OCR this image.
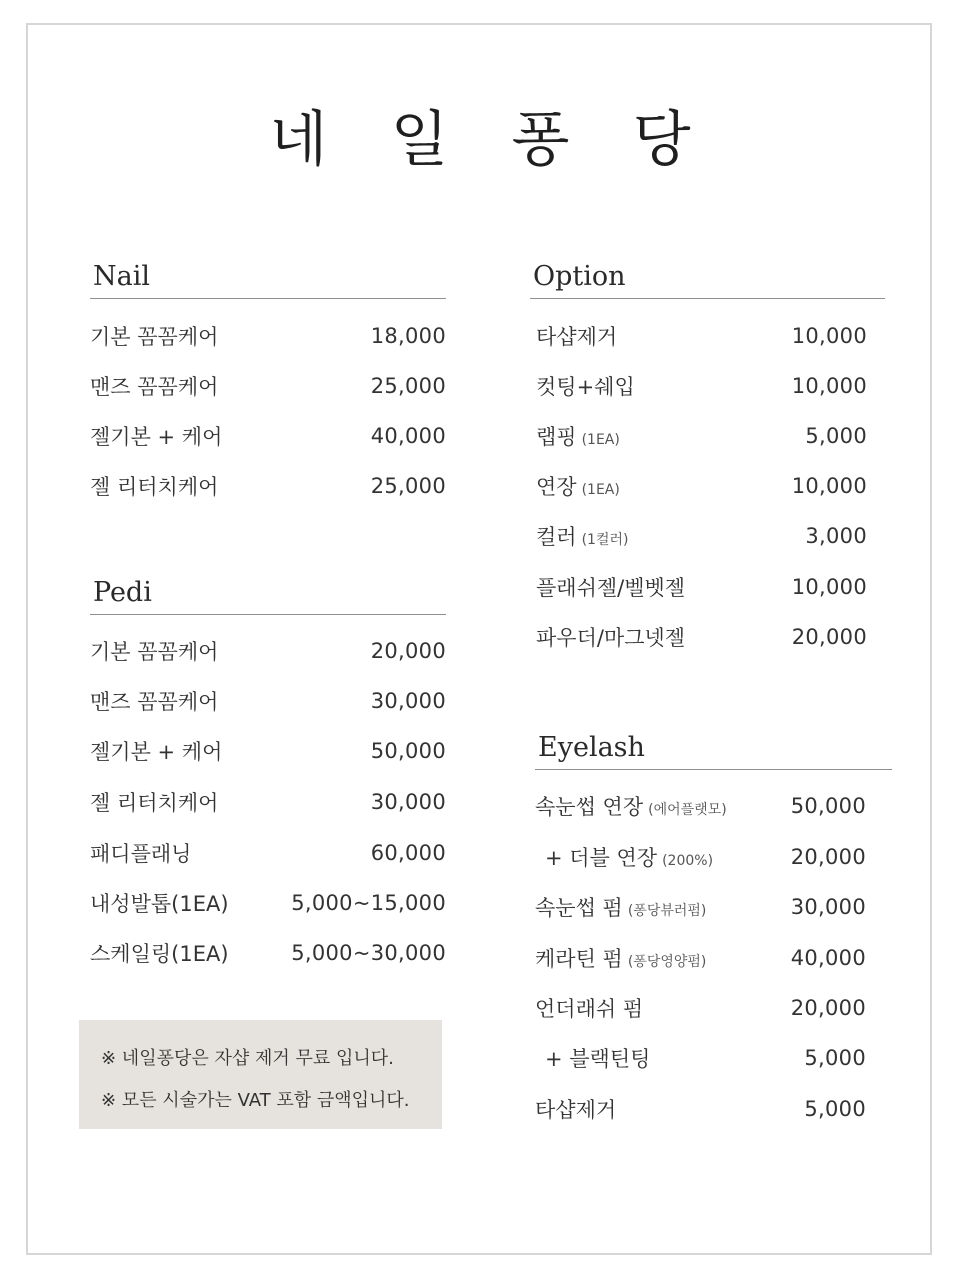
네 일 퐁 당
Nail
기본 꼼꼼케어	18,000
맨즈 꼼꼼케어	25,000
젤기본 + 케어	40,000
젤 리터치케어	25,000
Pedi
기본 꼼꼼케어	20,000
맨즈 꼼꼼케어	30,000
젤기본 + 케어	50,000
젤 리터치케어	30,000
패디플래닝	60,000
내성발톱(1EA)	5,000~15,000
스케일링(1EA)	5,000~30,000
Option
타샵제거	10,000
컷팅+쉐입	10,000
랩핑 (1EA)	5,000
연장 (1EA)	10,000
컬러 (1컬러)	3,000
플래쉬젤/벨벳젤	10,000
파우더/마그넷젤	20,000
Eyelash
속눈썹 연장 (에어플랫모)	50,000
+ 더블 연장 (200%)	20,000
속눈썹 펌 (퐁당뷰러펌)	30,000
케라틴 펌 (퐁당영양펌)	40,000
언더래쉬 펌	20,000
+ 블랙틴팅	5,000
타샵제거	5,000
※ 네일퐁당은 자샵 제거 무료 입니다.
※ 모든 시술가는 VAT 포함 금액입니다.
